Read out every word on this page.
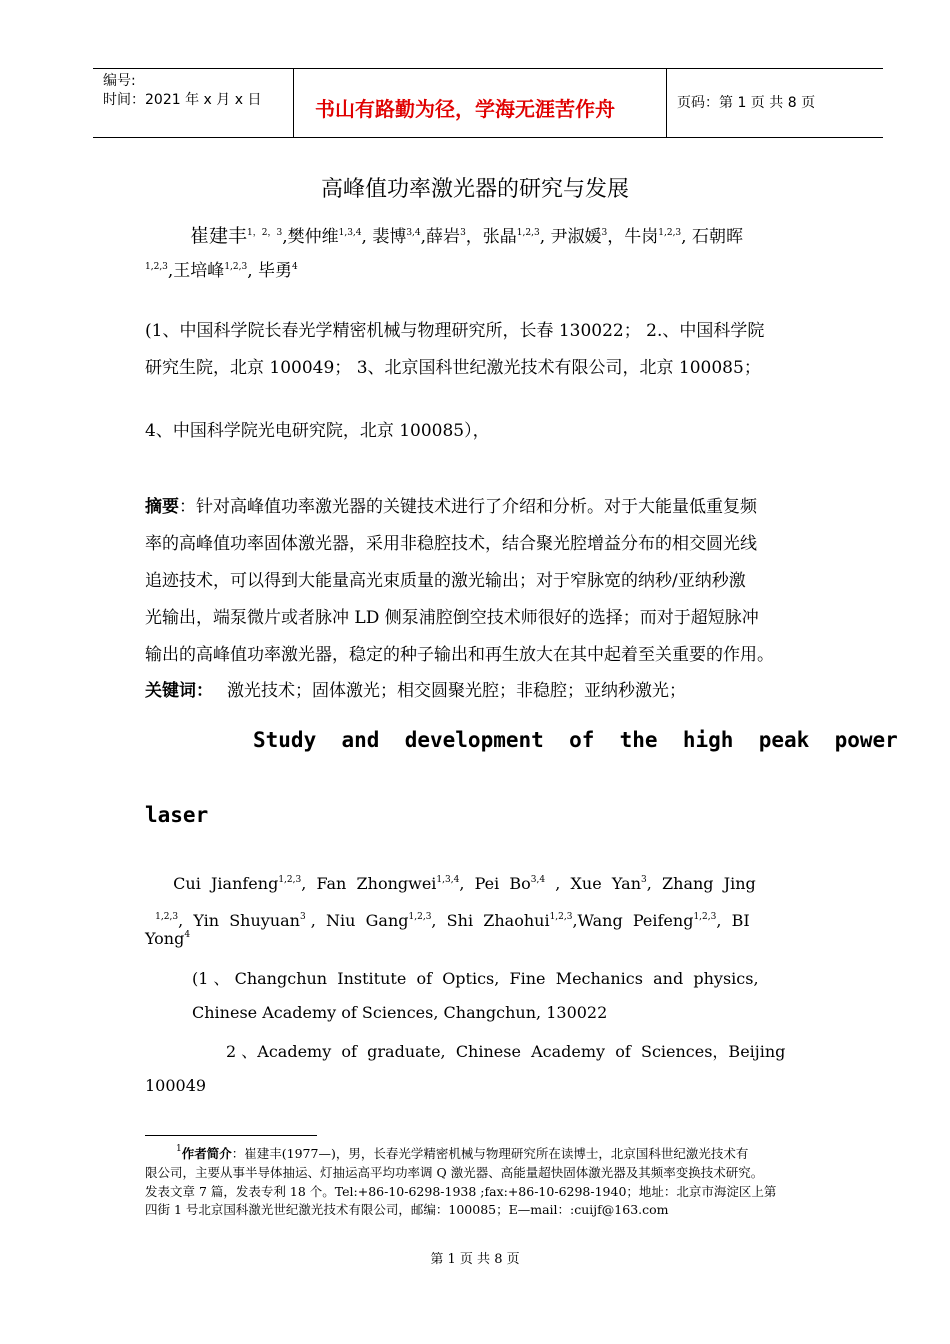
编号:
时间：2021 年 x 月 x 日	书山有路勤为径，学海无涯苦作舟	页码：第 1 页 共 8 页
高峰值功率激光器的研究与发展
崔建丰$^{1,2,3}$,樊仲维$^{1,3,4}$, 裴博$^{3,4}$,薛岩$^3$，张晶$^{1,2,3}$, 尹淑媛$^3$，牛岗$^{1,2,3}$, 石朝晖
$^{1,2,3}$,王培峰$^{1,2,3}$, 毕勇$^4$
(1、中国科学院长春光学精密机械与物理研究所，长春 130022； 2.、中国科学院
研究生院，北京 100049； 3、北京国科世纪激光技术有限公司，北京 100085；
4、中国科学院光电研究院，北京 100085），
摘要：针对高峰值功率激光器的关键技术进行了介绍和分析。对于大能量低重复频
率的高峰值功率固体激光器，采用非稳腔技术，结合聚光腔增益分布的相交圆光线
追迹技术，可以得到大能量高光束质量的激光输出；对于窄脉宽的纳秒/亚纳秒激
光输出，端泵微片或者脉冲 LD 侧泵浦腔倒空技术师很好的选择；而对于超短脉冲
输出的高峰值功率激光器，稳定的种子输出和再生放大在其中起着至关重要的作用。
关键词： 激光技术；固体激光；相交圆聚光腔；非稳腔；亚纳秒激光；
Study  and  development  of  the  high  peak  power
laser

Cui  Jianfeng$^{1,2,3}$,  Fan  Zhongwei$^{1,3,4}$,  Pei  Bo$^{3,4}$  ,  Xue  Yan$^3$,  Zhang  Jing

$^{1,2,3}$,  Yin  Shuyuan$^3$ ,  Niu  Gang$^{1,2,3}$,  Shi  Zhaohui$^{1,2,3}$,Wang  Peifeng$^{1,2,3}$,  BI

Yong$^4$
(1 、 Changchun  Institute  of  Optics,  Fine  Mechanics  and  physics,
Chinese Academy of Sciences, Changchun, 130022
2 、Academy  of  graduate,  Chinese  Academy  of  Sciences，Beijing
100049
$^1$作者简介：崔建丰(1977—)，男，长春光学精密机械与物理研究所在读博士，北京国科世纪激光技术有
限公司，主要从事半导体抽运、灯抽运高平均功率调 Q 激光器、高能量超快固体激光器及其频率变换技术研究。
发表文章 7 篇，发表专利 18 个。Tel:+86-10-6298-1938 ;fax:+86-10-6298-1940；地址：北京市海淀区上第
四街 1 号北京国科激光世纪激光技术有限公司，邮编：100085；E—mail：:cuijf@163.com
第 1 页 共 8 页
